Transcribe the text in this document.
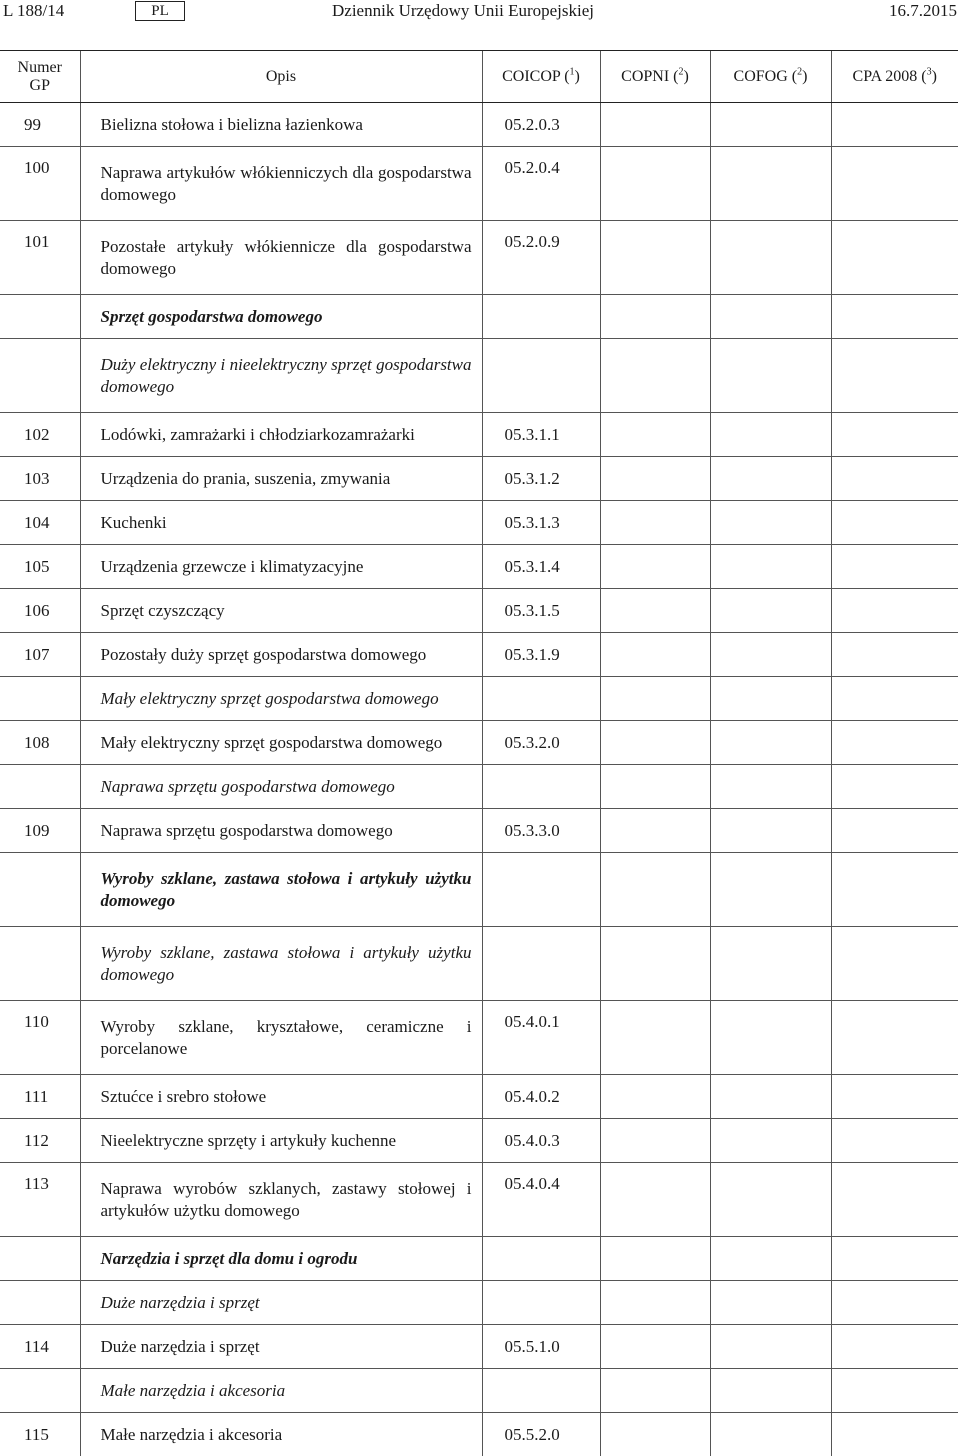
L 188/14	PL	Dziennik Urzędowy Unii Europejskiej	16.7.2015
Numer
GP	Opis	COICOP ($^1$)	COPNI ($^2$)	COFOG ($^2$)	CPA 2008 ($^3$)
99	Bielizna stołowa i bielizna łazienkowa	05.2.0.3			
100	Naprawa artykułów włókienniczych dla gospodarstwa domowego	05.2.0.4			
101	Pozostałe artykuły włókiennicze dla gospodarstwa domowego	05.2.0.9			
	Sprzęt gospodarstwa domowego				
	Duży elektryczny i nieelektryczny sprzęt gospodarstwa domowego				
102	Lodówki, zamrażarki i chłodziarkozamrażarki	05.3.1.1			
103	Urządzenia do prania, suszenia, zmywania	05.3.1.2			
104	Kuchenki	05.3.1.3			
105	Urządzenia grzewcze i klimatyzacyjne	05.3.1.4			
106	Sprzęt czyszczący	05.3.1.5			
107	Pozostały duży sprzęt gospodarstwa domowego	05.3.1.9			
	Mały elektryczny sprzęt gospodarstwa domowego				
108	Mały elektryczny sprzęt gospodarstwa domowego	05.3.2.0			
	Naprawa sprzętu gospodarstwa domowego				
109	Naprawa sprzętu gospodarstwa domowego	05.3.3.0			
	Wyroby szklane, zastawa stołowa i artykuły użytku domowego				
	Wyroby szklane, zastawa stołowa i artykuły użytku domowego				
110	Wyroby szklane, kryształowe, ceramiczne i porcelanowe	05.4.0.1			
111	Sztućce i srebro stołowe	05.4.0.2			
112	Nieelektryczne sprzęty i artykuły kuchenne	05.4.0.3			
113	Naprawa wyrobów szklanych, zastawy stołowej i artykułów użytku domowego	05.4.0.4			
	Narzędzia i sprzęt dla domu i ogrodu				
	Duże narzędzia i sprzęt				
114	Duże narzędzia i sprzęt	05.5.1.0			
	Małe narzędzia i akcesoria				
115	Małe narzędzia i akcesoria	05.5.2.0			
